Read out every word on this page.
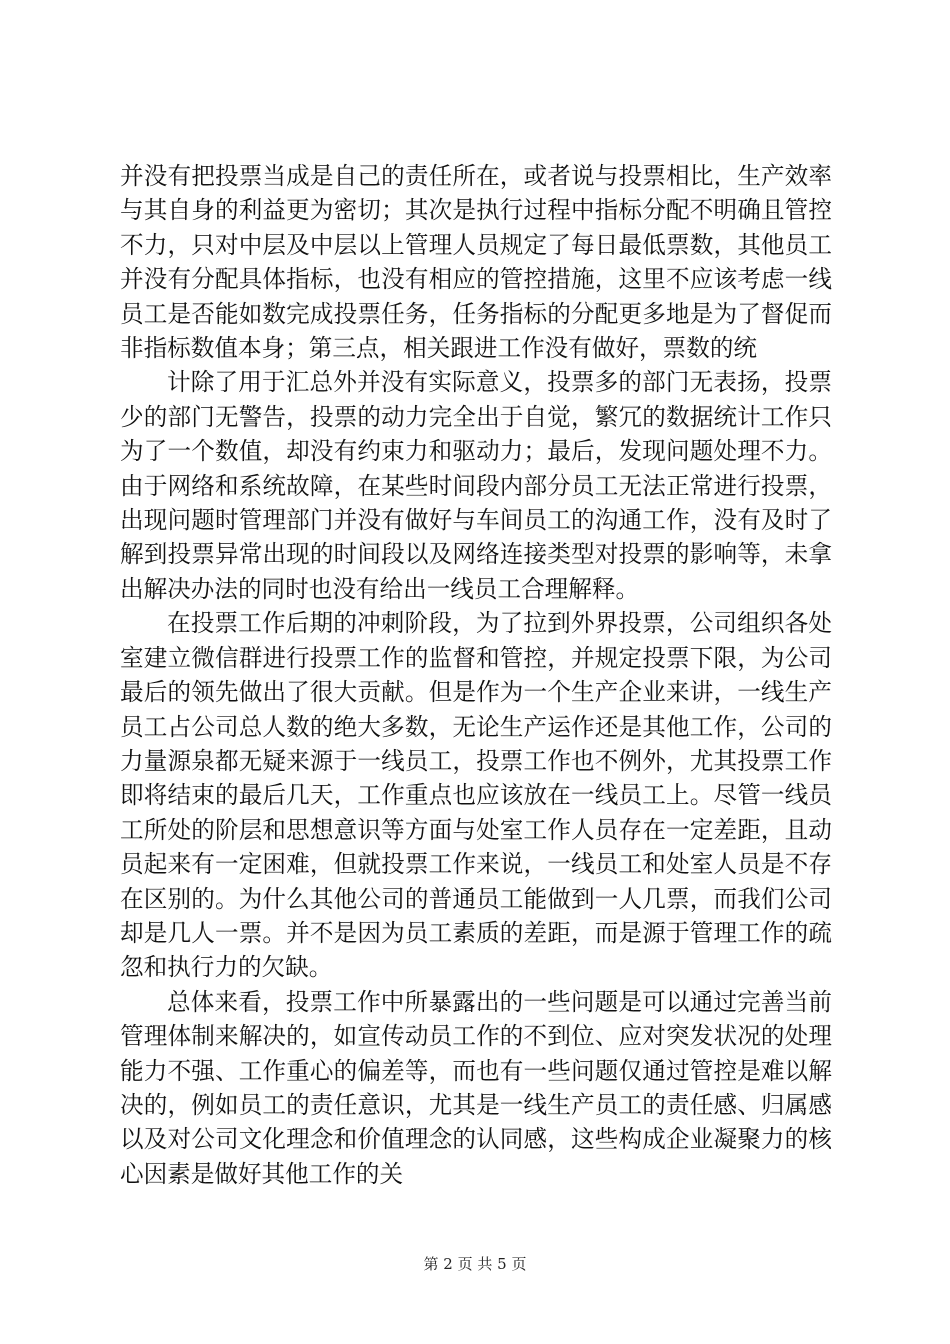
并没有把投票当成是自己的责任所在，或者说与投票相比，生产效率与其自身的利益更为密切；其次是执行过程中指标分配不明确且管控不力，只对中层及中层以上管理人员规定了每日最低票数，其他员工并没有分配具体指标，也没有相应的管控措施，这里不应该考虑一线员工是否能如数完成投票任务，任务指标的分配更多地是为了督促而非指标数值本身；第三点，相关跟进工作没有做好，票数的统

计除了用于汇总外并没有实际意义，投票多的部门无表扬，投票少的部门无警告，投票的动力完全出于自觉，繁冗的数据统计工作只为了一个数值，却没有约束力和驱动力；最后，发现问题处理不力。由于网络和系统故障，在某些时间段内部分员工无法正常进行投票，出现问题时管理部门并没有做好与车间员工的沟通工作，没有及时了解到投票异常出现的时间段以及网络连接类型对投票的影响等，未拿出解决办法的同时也没有给出一线员工合理解释。

在投票工作后期的冲刺阶段，为了拉到外界投票，公司组织各处室建立微信群进行投票工作的监督和管控，并规定投票下限，为公司最后的领先做出了很大贡献。但是作为一个生产企业来讲，一线生产员工占公司总人数的绝大多数，无论生产运作还是其他工作，公司的力量源泉都无疑来源于一线员工，投票工作也不例外，尤其投票工作即将结束的最后几天，工作重点也应该放在一线员工上。尽管一线员工所处的阶层和思想意识等方面与处室工作人员存在一定差距，且动员起来有一定困难，但就投票工作来说，一线员工和处室人员是不存在区别的。为什么其他公司的普通员工能做到一人几票，而我们公司却是几人一票。并不是因为员工素质的差距，而是源于管理工作的疏忽和执行力的欠缺。

总体来看，投票工作中所暴露出的一些问题是可以通过完善当前管理体制来解决的，如宣传动员工作的不到位、应对突发状况的处理能力不强、工作重心的偏差等，而也有一些问题仅通过管控是难以解决的，例如员工的责任意识，尤其是一线生产员工的责任感、归属感以及对公司文化理念和价值理念的认同感，这些构成企业凝聚力的核心因素是做好其他工作的关

第 2 页 共 5 页
